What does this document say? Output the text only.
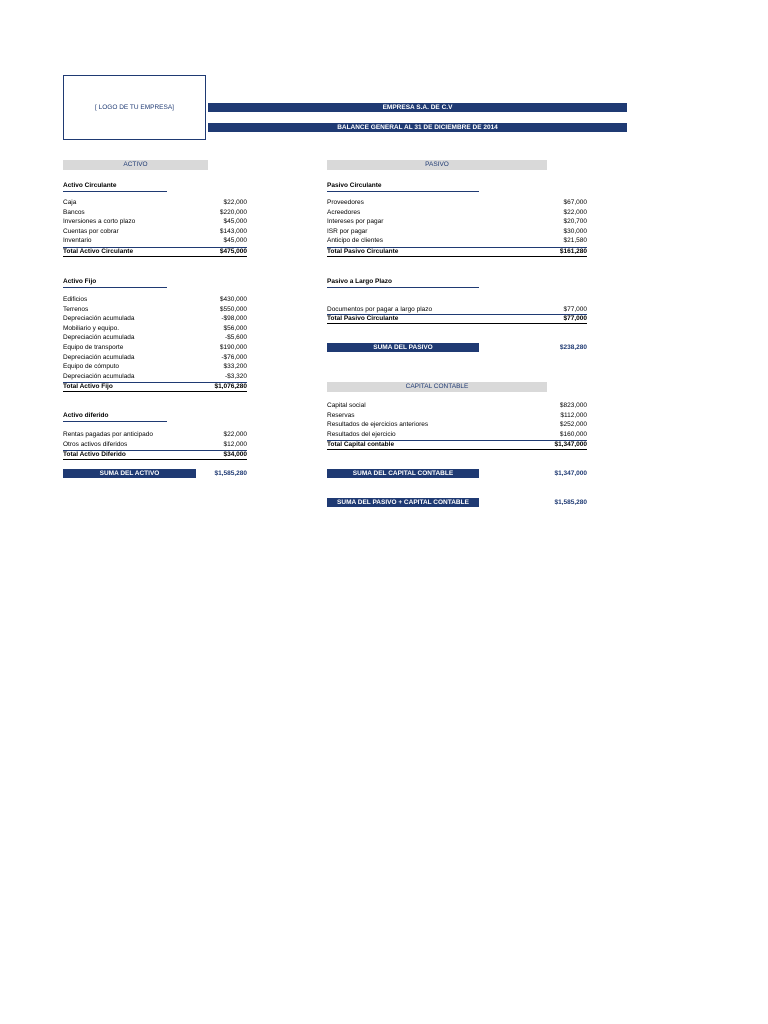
[ LOGO DE TU EMPRESA]	EMPRESA S.A. DE C.V
BALANCE GENERAL AL 31 DE DICIEMBRE DE 2014
ACTIVO	PASIVO
Activo Circulante
Caja	$22,000
Bancos	$220,000
Inversiones a corto plazo	$45,000
Cuentas por cobrar	$143,000
Inventario	$45,000
Total Activo Circulante	$475,000
Activo Fijo
Edificios	$430,000
Terrenos	$550,000
Depreciación acumulada	-$98,000
Mobiliario y equipo.	$56,000
Depreciación acumulada	-$5,600
Equipo de transporte	$190,000
Depreciación acumulada	-$76,000
Equipo de cómputo	$33,200
Depreciación acumulada	-$3,320
Total Activo Fijo	$1,076,280
Activo diferido
Rentas pagadas por anticipado	$22,000
Otros activos diferidos	$12,000
Total Activo Diferido	$34,000
SUMA DEL ACTIVO	$1,585,280
Pasivo Circulante
Proveedores	$67,000
Acreedores	$22,000
Intereses por pagar	$20,700
ISR por pagar	$30,000
Anticipo de clientes	$21,580
Total Pasivo Circulante	$161,280
Pasivo a Largo Plazo
Documentos por pagar a largo plazo	$77,000
Total Pasivo Circulante	$77,000
SUMA DEL PASIVO	$238,280
CAPITAL CONTABLE
Capital social	$823,000
Reservas	$112,000
Resultados de ejercicios anteriores	$252,000
Resultados del ejercicio	$160,000
Total Capital contable	$1,347,000
SUMA DEL CAPITAL CONTABLE	$1,347,000
SUMA DEL PASIVO + CAPITAL CONTABLE	$1,585,280
